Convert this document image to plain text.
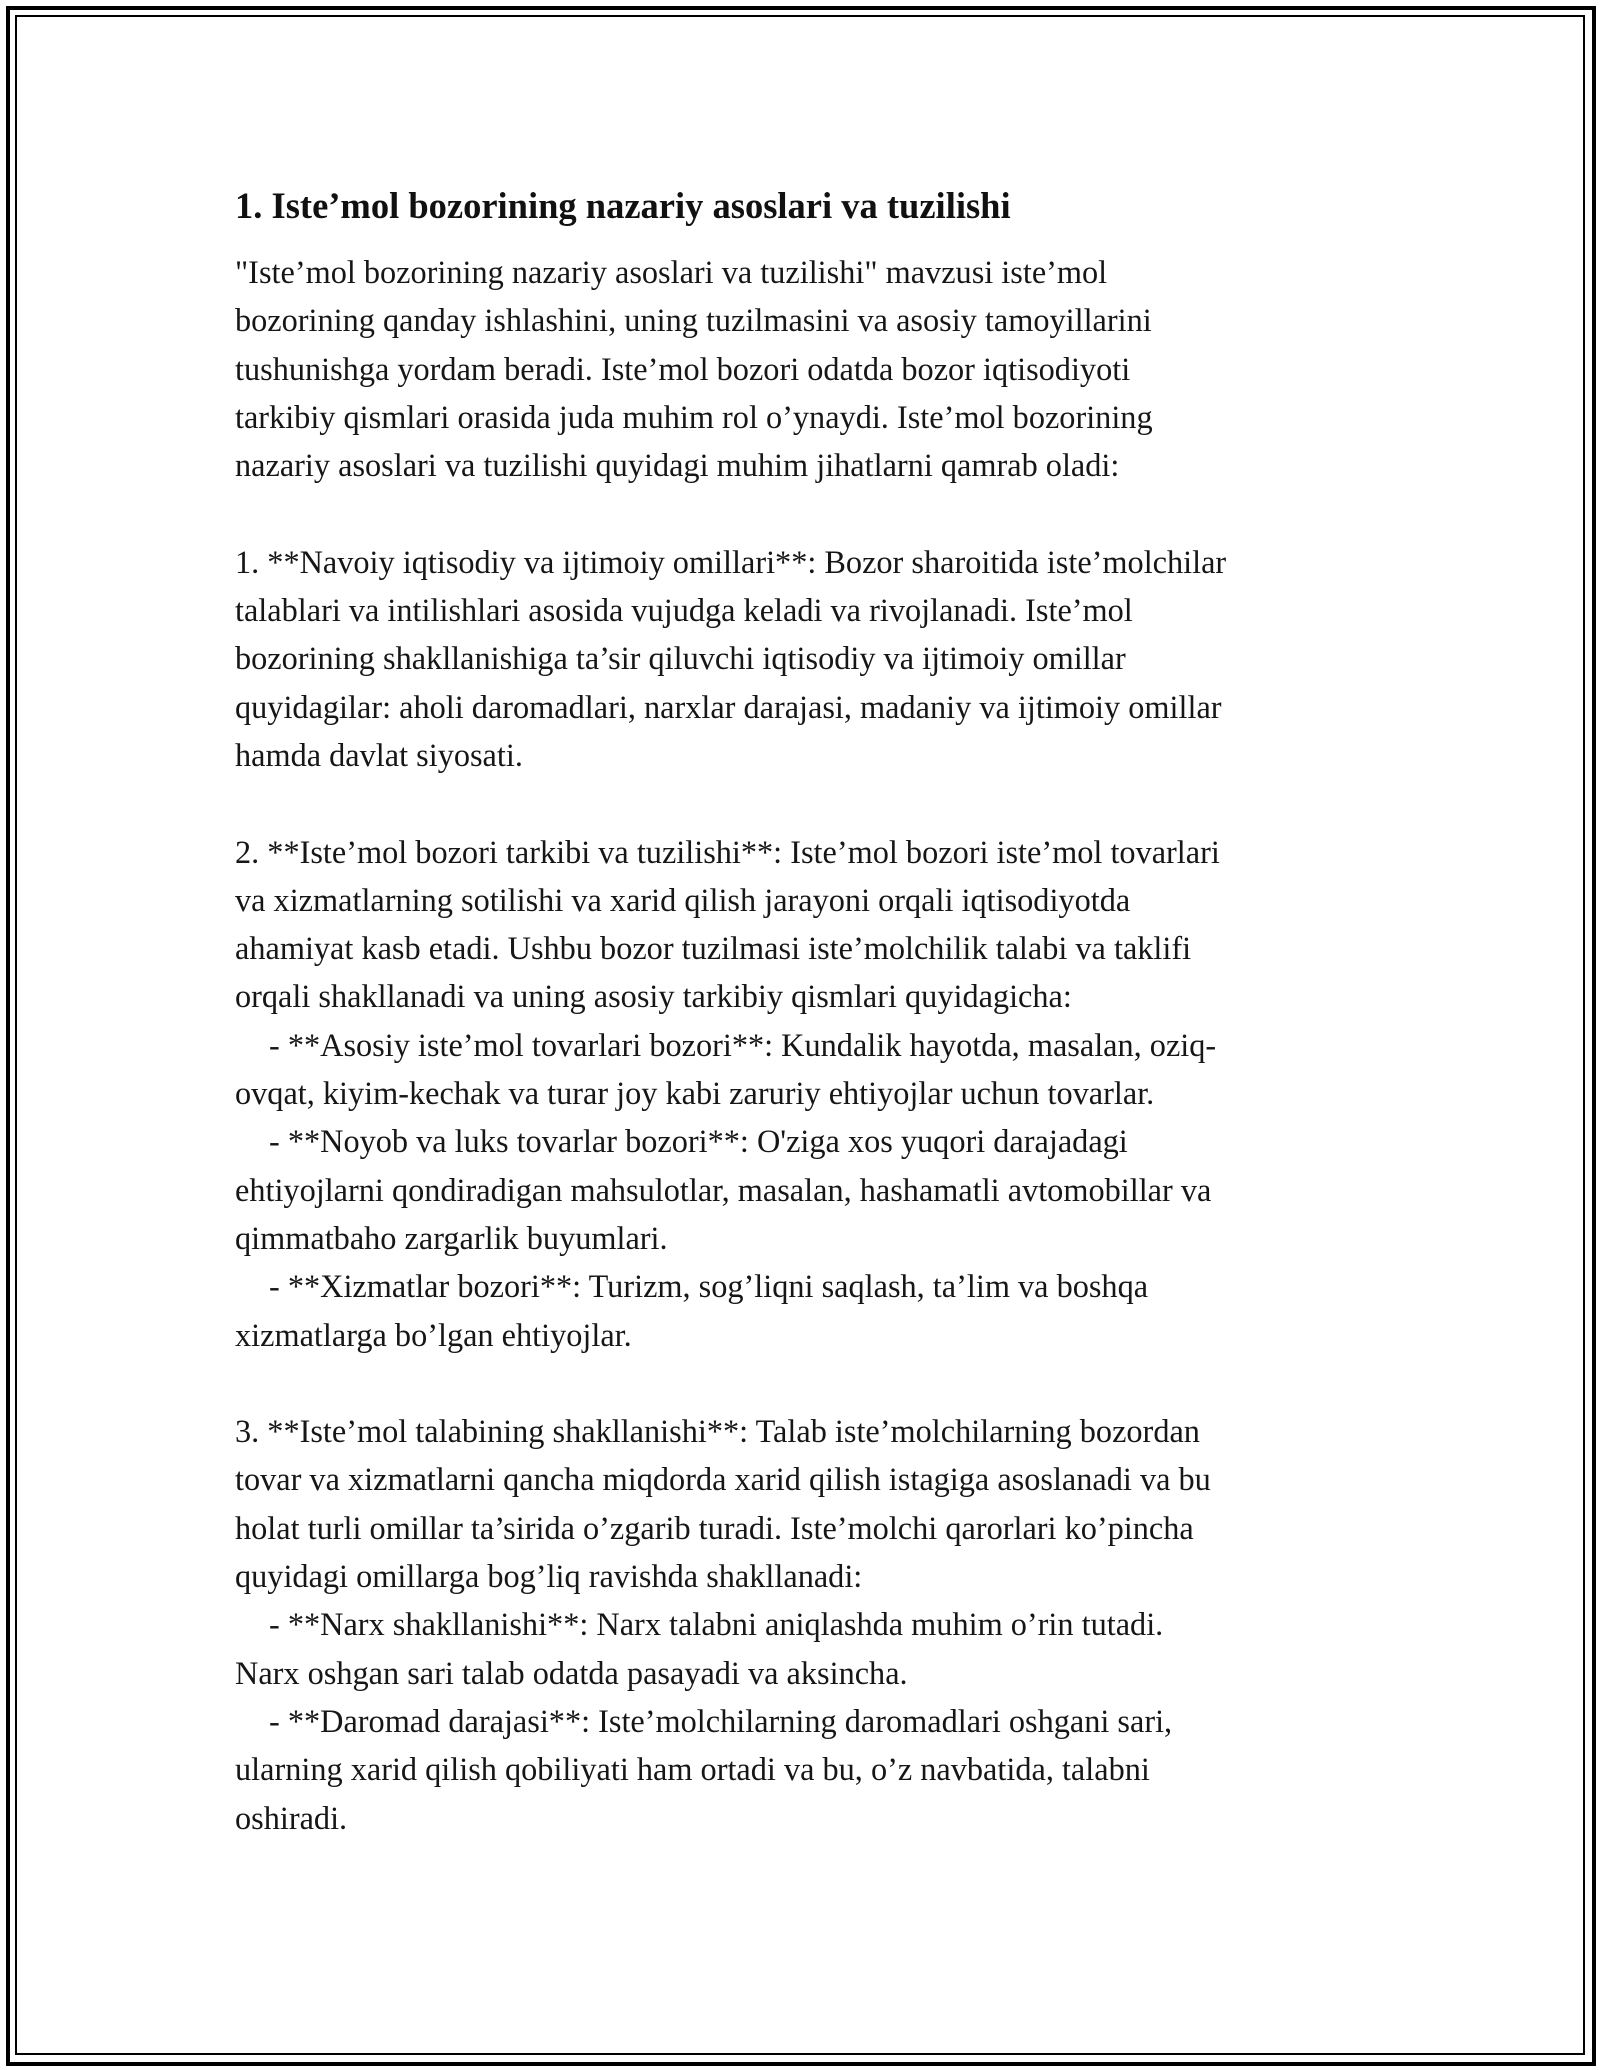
1. Iste’mol bozorining nazariy asoslari va tuzilishi

"Iste’mol bozorining nazariy asoslari va tuzilishi" mavzusi iste’mol
bozorining qanday ishlashini, uning tuzilmasini va asosiy tamoyillarini
tushunishga yordam beradi. Iste’mol bozori odatda bozor iqtisodiyoti
tarkibiy qismlari orasida juda muhim rol o’ynaydi. Iste’mol bozorining
nazariy asoslari va tuzilishi quyidagi muhim jihatlarni qamrab oladi:

1. **Navoiy iqtisodiy va ijtimoiy omillari**: Bozor sharoitida iste’molchilar
talablari va intilishlari asosida vujudga keladi va rivojlanadi. Iste’mol
bozorining shakllanishiga ta’sir qiluvchi iqtisodiy va ijtimoiy omillar
quyidagilar: aholi daromadlari, narxlar darajasi, madaniy va ijtimoiy omillar
hamda davlat siyosati.

2. **Iste’mol bozori tarkibi va tuzilishi**: Iste’mol bozori iste’mol tovarlari
va xizmatlarning sotilishi va xarid qilish jarayoni orqali iqtisodiyotda
ahamiyat kasb etadi. Ushbu bozor tuzilmasi iste’molchilik talabi va taklifi
orqali shakllanadi va uning asosiy tarkibiy qismlari quyidagicha:
- **Asosiy iste’mol tovarlari bozori**: Kundalik hayotda, masalan, oziq-
ovqat, kiyim-kechak va turar joy kabi zaruriy ehtiyojlar uchun tovarlar.
- **Noyob va luks tovarlar bozori**: O'ziga xos yuqori darajadagi
ehtiyojlarni qondiradigan mahsulotlar, masalan, hashamatli avtomobillar va
qimmatbaho zargarlik buyumlari.
- **Xizmatlar bozori**: Turizm, sog’liqni saqlash, ta’lim va boshqa
xizmatlarga bo’lgan ehtiyojlar.

3. **Iste’mol talabining shakllanishi**: Talab iste’molchilarning bozordan
tovar va xizmatlarni qancha miqdorda xarid qilish istagiga asoslanadi va bu
holat turli omillar ta’sirida o’zgarib turadi. Iste’molchi qarorlari ko’pincha
quyidagi omillarga bog’liq ravishda shakllanadi:
- **Narx shakllanishi**: Narx talabni aniqlashda muhim o’rin tutadi.
Narx oshgan sari talab odatda pasayadi va aksincha.
- **Daromad darajasi**: Iste’molchilarning daromadlari oshgani sari,
ularning xarid qilish qobiliyati ham ortadi va bu, o’z navbatida, talabni
oshiradi.
